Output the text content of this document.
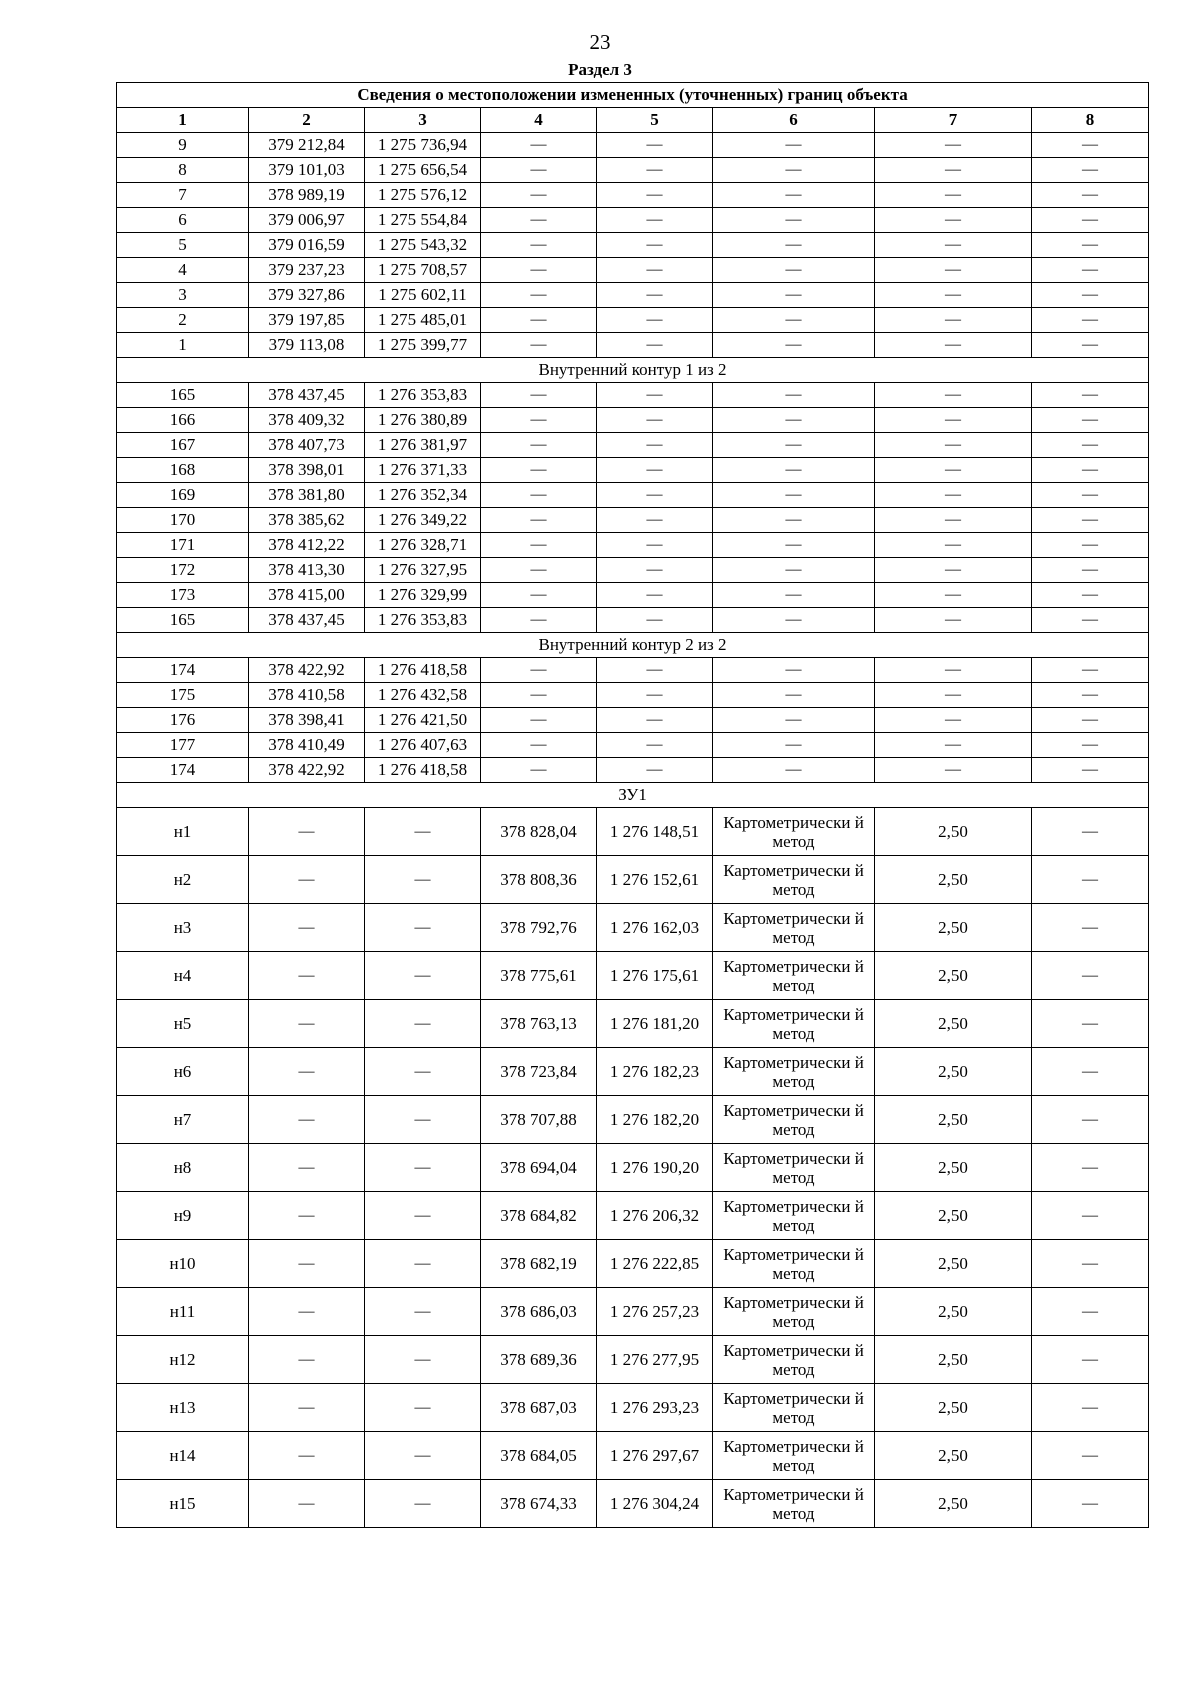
23
Раздел 3
Сведения о местоположении измененных (уточненных) границ объекта							
1	2	3	4	5	6	7	8
9	379 212,84	1 275 736,94	—	—	—	—	—
8	379 101,03	1 275 656,54	—	—	—	—	—
7	378 989,19	1 275 576,12	—	—	—	—	—
6	379 006,97	1 275 554,84	—	—	—	—	—
5	379 016,59	1 275 543,32	—	—	—	—	—
4	379 237,23	1 275 708,57	—	—	—	—	—
3	379 327,86	1 275 602,11	—	—	—	—	—
2	379 197,85	1 275 485,01	—	—	—	—	—
1	379 113,08	1 275 399,77	—	—	—	—	—
Внутренний контур 1 из 2							
165	378 437,45	1 276 353,83	—	—	—	—	—
166	378 409,32	1 276 380,89	—	—	—	—	—
167	378 407,73	1 276 381,97	—	—	—	—	—
168	378 398,01	1 276 371,33	—	—	—	—	—
169	378 381,80	1 276 352,34	—	—	—	—	—
170	378 385,62	1 276 349,22	—	—	—	—	—
171	378 412,22	1 276 328,71	—	—	—	—	—
172	378 413,30	1 276 327,95	—	—	—	—	—
173	378 415,00	1 276 329,99	—	—	—	—	—
165	378 437,45	1 276 353,83	—	—	—	—	—
Внутренний контур 2 из 2							
174	378 422,92	1 276 418,58	—	—	—	—	—
175	378 410,58	1 276 432,58	—	—	—	—	—
176	378 398,41	1 276 421,50	—	—	—	—	—
177	378 410,49	1 276 407,63	—	—	—	—	—
174	378 422,92	1 276 418,58	—	—	—	—	—
ЗУ1							
н1	—	—	378 828,04	1 276 148,51	Картометрически й метод	2,50	—
н2	—	—	378 808,36	1 276 152,61	Картометрически й метод	2,50	—
н3	—	—	378 792,76	1 276 162,03	Картометрически й метод	2,50	—
н4	—	—	378 775,61	1 276 175,61	Картометрически й метод	2,50	—
н5	—	—	378 763,13	1 276 181,20	Картометрически й метод	2,50	—
н6	—	—	378 723,84	1 276 182,23	Картометрически й метод	2,50	—
н7	—	—	378 707,88	1 276 182,20	Картометрически й метод	2,50	—
н8	—	—	378 694,04	1 276 190,20	Картометрически й метод	2,50	—
н9	—	—	378 684,82	1 276 206,32	Картометрически й метод	2,50	—
н10	—	—	378 682,19	1 276 222,85	Картометрически й метод	2,50	—
н11	—	—	378 686,03	1 276 257,23	Картометрически й метод	2,50	—
н12	—	—	378 689,36	1 276 277,95	Картометрически й метод	2,50	—
н13	—	—	378 687,03	1 276 293,23	Картометрически й метод	2,50	—
н14	—	—	378 684,05	1 276 297,67	Картометрически й метод	2,50	—
н15	—	—	378 674,33	1 276 304,24	Картометрически й метод	2,50	—
